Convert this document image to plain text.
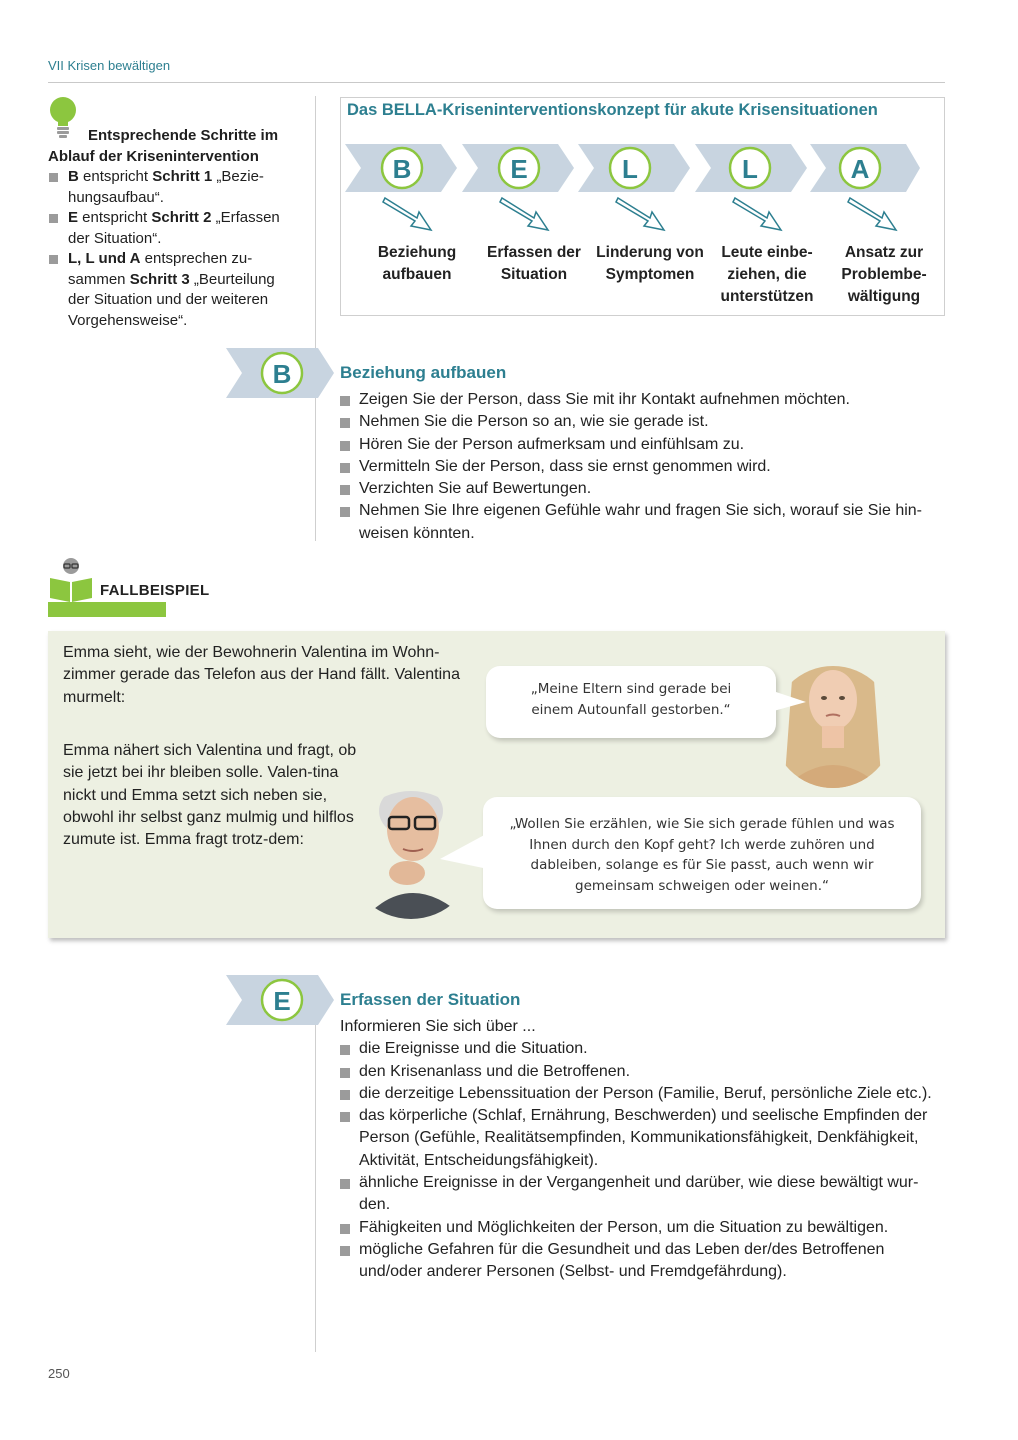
VII Krisen bewältigen
Entsprechende Schritte im
Ablauf der Krisenintervention
B entspricht Schritt 1 „Bezie-hungsaufbau“.
E entspricht Schritt 2 „Erfassen der Situation“.
L, L und A entsprechen zu-sammen Schritt 3 „Beurteilung der Situation und der weiteren Vorgehensweise“.
Das BELLA-Kriseninterventionskonzept für akute Krisensituationen
B	E	L	L	A
Beziehung
aufbauen
Erfassen der
Situation
Linderung von
Symptomen
Leute einbe-
ziehen, die
unterstützen
Ansatz zur
Problembe-
wältigung
B	Beziehung aufbauen
Zeigen Sie der Person, dass Sie mit ihr Kontakt aufnehmen möchten.
Nehmen Sie die Person so an, wie sie gerade ist.
Hören Sie der Person aufmerksam und einfühlsam zu.
Vermitteln Sie der Person, dass sie ernst genommen wird.
Verzichten Sie auf Bewertungen.
Nehmen Sie Ihre eigenen Gefühle wahr und fragen Sie sich, worauf sie Sie hin-weisen könnten.
FALLBEISPIEL
Emma sieht, wie der Bewohnerin Valentina im Wohn-zimmer gerade das Telefon aus der Hand fällt. Valentina murmelt:
Emma nähert sich Valentina und fragt, ob sie jetzt bei ihr bleiben solle. Valen-tina nickt und Emma setzt sich neben sie, obwohl ihr selbst ganz mulmig und hilflos zumute ist. Emma fragt trotz-dem:
„Meine Eltern sind gerade bei einem Autounfall gestorben.“
„Wollen Sie erzählen, wie Sie sich gerade fühlen und was Ihnen durch den Kopf geht? Ich werde zuhören und dableiben, solange es für Sie passt, auch wenn wir gemeinsam schweigen oder weinen.“
E	Erfassen der Situation
Informieren Sie sich über ...
die Ereignisse und die Situation.
den Krisenanlass und die Betroffenen.
die derzeitige Lebenssituation der Person (Familie, Beruf, persönliche Ziele etc.).
das körperliche (Schlaf, Ernährung, Beschwerden) und seelische Empfinden der Person (Gefühle, Realitätsempfinden, Kommunikationsfähigkeit, Denkfähigkeit, Aktivität, Entscheidungsfähigkeit).
ähnliche Ereignisse in der Vergangenheit und darüber, wie diese bewältigt wur-den.
Fähigkeiten und Möglichkeiten der Person, um die Situation zu bewältigen.
mögliche Gefahren für die Gesundheit und das Leben der/des Betroffenen und/oder anderer Personen (Selbst- und Fremdgefährdung).
250
